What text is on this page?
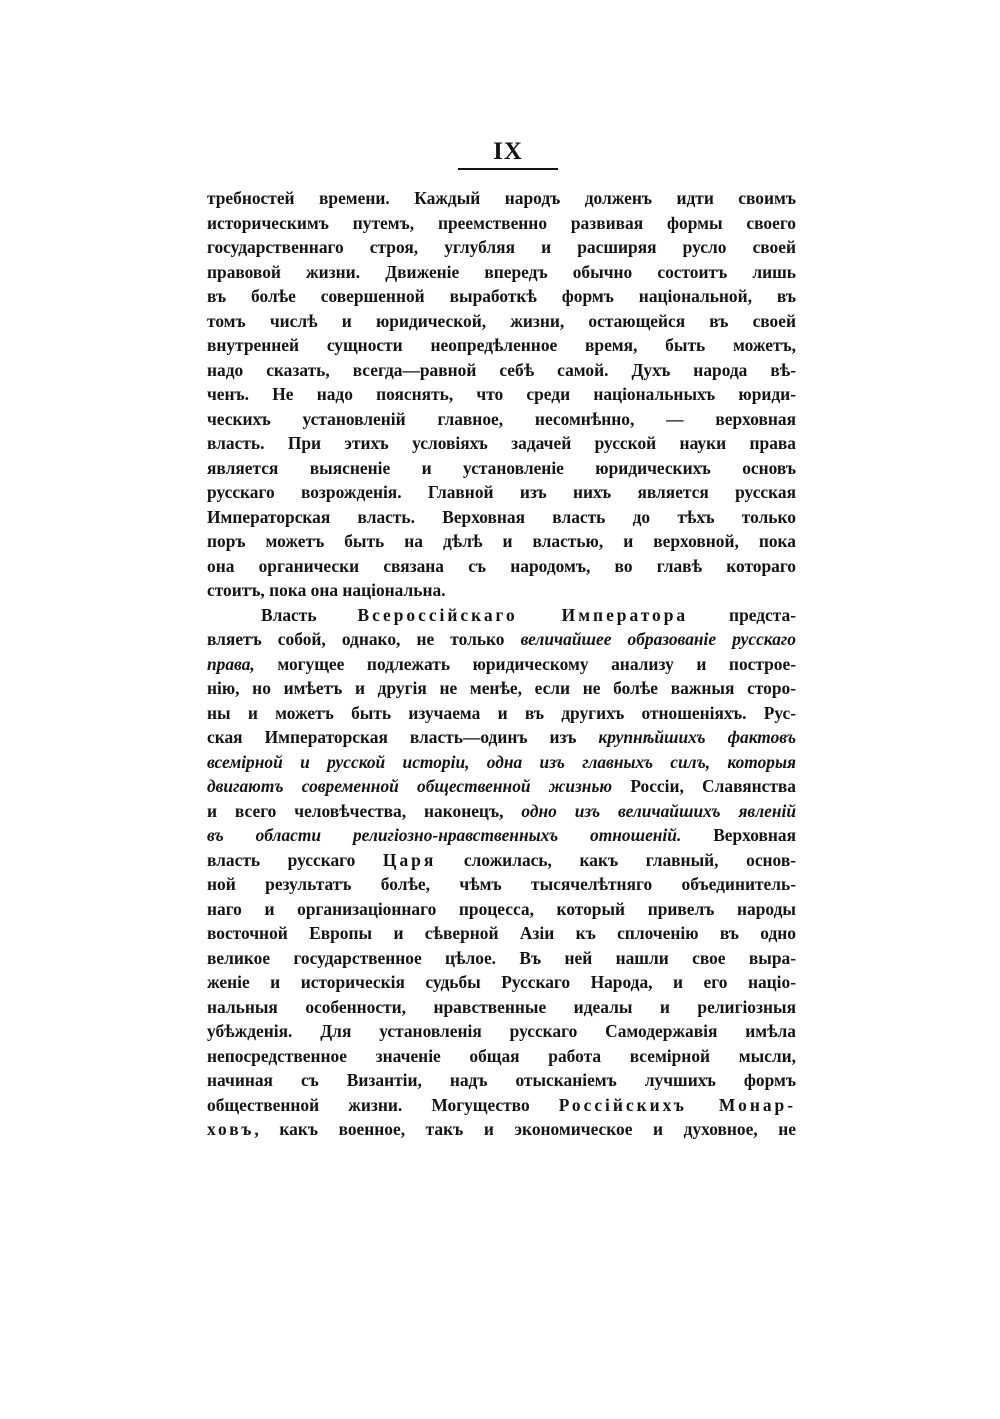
IX
требностей времени. Каждый народъ долженъ идти своимъ
историческимъ путемъ, преемственно развивая формы своего
государственнаго строя, углубляя и расширяя русло своей
правовой жизни. Движеніе впередъ обычно состоитъ лишь
въ болѣе совершенной выработкѣ формъ національной, въ
томъ числѣ и юридической, жизни, остающейся въ своей
внутренней сущности неопредѣленное время, быть можетъ,
надо сказать, всегда—равной себѣ самой. Духъ народа вѣ-
ченъ. Не надо пояснять, что среди національныхъ юриди-
ческихъ установленій главное, несомнѣнно, — верховная
власть. При этихъ условіяхъ задачей русской науки права
является выясненіе и установленіе юридическихъ основъ
русскаго возрожденія. Главной изъ нихъ является русская
Императорская власть. Верховная власть до тѣхъ только
поръ можетъ быть на дѣлѣ и властью, и верховной, пока
она органически связана съ народомъ, во главѣ котораго
стоитъ, пока она національна.
Власть Всероссійскаго Императора предста-
вляетъ собой, однако, не только величайшее образованіе русскаго
права, могущее подлежать юридическому анализу и построе-
нію, но имѣетъ и другія не менѣе, если не болѣе важныя сторо-
ны и можетъ быть изучаема и въ другихъ отношеніяхъ. Рус-
ская Императорская власть—одинъ изъ крупнѣйшихъ фактовъ
всемірной и русской исторіи, одна изъ главныхъ силъ, которыя
двигаютъ современной общественной жизнью Россіи, Славянства
и всего человѣчества, наконецъ, одно изъ величайшихъ явленій
въ области религіозно-нравственныхъ отношеній. Верховная
власть русскаго Царя сложилась, какъ главный, основ-
ной результатъ болѣе, чѣмъ тысячелѣтняго объединитель-
наго и организаціоннаго процесса, который привелъ народы
восточной Европы и сѣверной Азіи къ сплоченію въ одно
великое государственное цѣлое. Въ ней нашли свое выра-
женіе и историческія судьбы Русскаго Народа, и его націо-
нальныя особенности, нравственные идеалы и религіозныя
убѣжденія. Для установленія русскаго Самодержавія имѣла
непосредственное значеніе общая работа всемірной мысли,
начиная съ Византіи, надъ отысканіемъ лучшихъ формъ
общественной жизни. Могущество Россійскихъ Монар-
ховъ, какъ военное, такъ и экономическое и духовное, не
